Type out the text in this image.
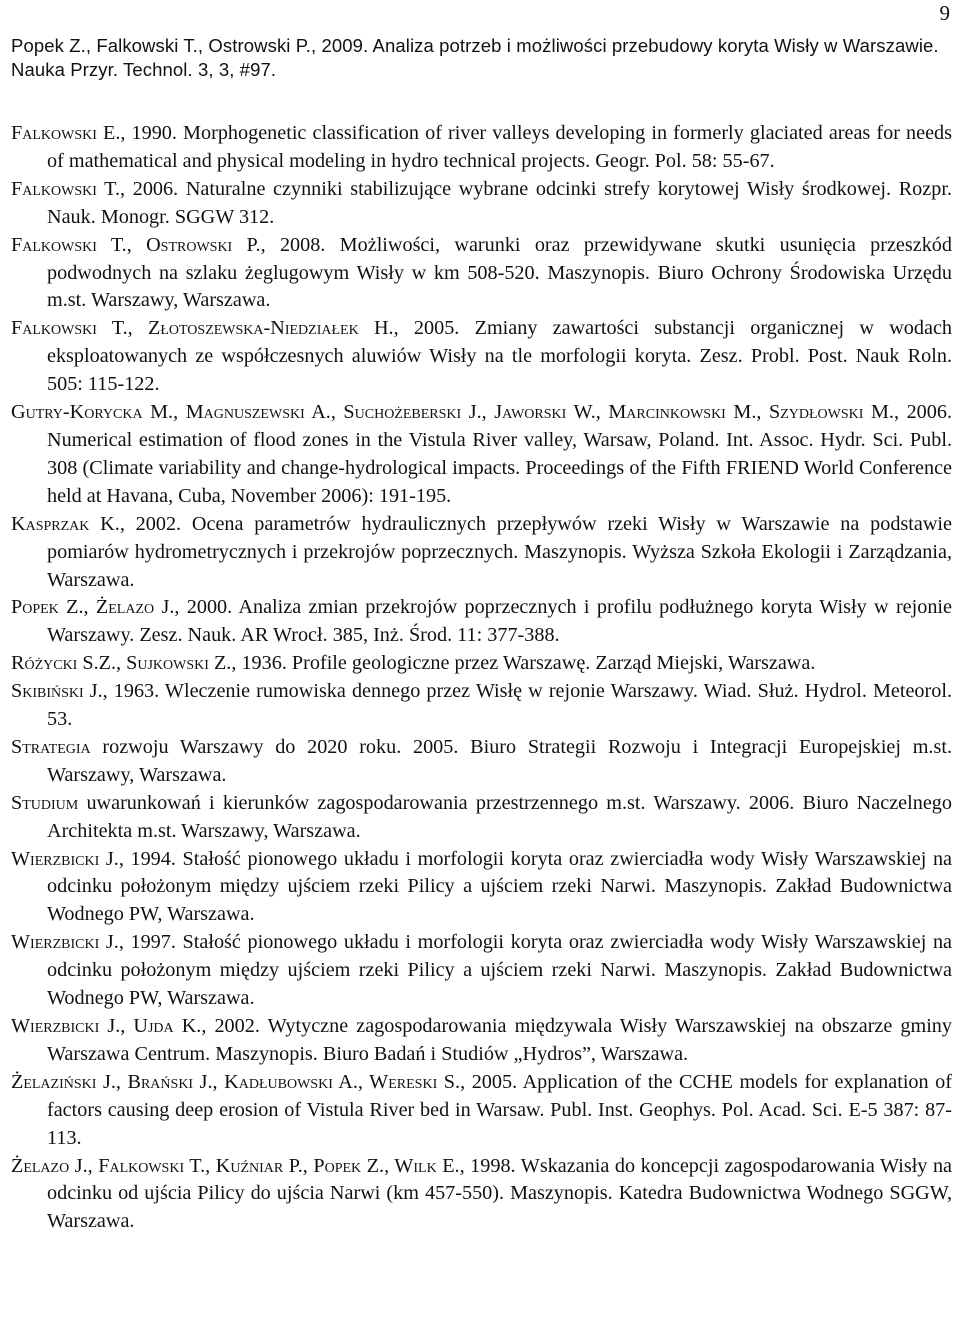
9
Popek Z., Falkowski T., Ostrowski P., 2009. Analiza potrzeb i możliwości przebudowy koryta Wisły w Warszawie.
Nauka Przyr. Technol. 3, 3, #97.

Falkowski E., 1990. Morphogenetic classification of river valleys developing in formerly glaciated areas for needs of mathematical and physical modeling in hydro technical projects. Geogr. Pol. 58: 55-67.

Falkowski T., 2006. Naturalne czynniki stabilizujące wybrane odcinki strefy korytowej Wisły środkowej. Rozpr. Nauk. Monogr. SGGW 312.

Falkowski T., Ostrowski P., 2008. Możliwości, warunki oraz przewidywane skutki usunięcia przeszkód podwodnych na szlaku żeglugowym Wisły w km 508-520. Maszynopis. Biuro Ochrony Środowiska Urzędu m.st. Warszawy, Warszawa.

Falkowski T., Złotoszewska-Niedziałek H., 2005. Zmiany zawartości substancji organicznej w wodach eksploatowanych ze współczesnych aluwiów Wisły na tle morfologii koryta. Zesz. Probl. Post. Nauk Roln. 505: 115-122.

Gutry-Korycka M., Magnuszewski A., Suchożeberski J., Jaworski W., Marcinkowski M., Szydłowski M., 2006. Numerical estimation of flood zones in the Vistula River valley, Warsaw, Poland. Int. Assoc. Hydr. Sci. Publ. 308 (Climate variability and change-hydrological impacts. Proceedings of the Fifth FRIEND World Conference held at Havana, Cuba, November 2006): 191-195.

Kasprzak K., 2002. Ocena parametrów hydraulicznych przepływów rzeki Wisły w Warszawie na podstawie pomiarów hydrometrycznych i przekrojów poprzecznych. Maszynopis. Wyższa Szkoła Ekologii i Zarządzania, Warszawa.

Popek Z., Żelazo J., 2000. Analiza zmian przekrojów poprzecznych i profilu podłużnego koryta Wisły w rejonie Warszawy. Zesz. Nauk. AR Wrocł. 385, Inż. Środ. 11: 377-388.

Różycki S.Z., Sujkowski Z., 1936. Profile geologiczne przez Warszawę. Zarząd Miejski, Warszawa.

Skibiński J., 1963. Wleczenie rumowiska dennego przez Wisłę w rejonie Warszawy. Wiad. Służ. Hydrol. Meteorol. 53.

Strategia rozwoju Warszawy do 2020 roku. 2005. Biuro Strategii Rozwoju i Integracji Europejskiej m.st. Warszawy, Warszawa.

Studium uwarunkowań i kierunków zagospodarowania przestrzennego m.st. Warszawy. 2006. Biuro Naczelnego Architekta m.st. Warszawy, Warszawa.

Wierzbicki J., 1994. Stałość pionowego układu i morfologii koryta oraz zwierciadła wody Wisły Warszawskiej na odcinku położonym między ujściem rzeki Pilicy a ujściem rzeki Narwi. Maszynopis. Zakład Budownictwa Wodnego PW, Warszawa.

Wierzbicki J., 1997. Stałość pionowego układu i morfologii koryta oraz zwierciadła wody Wisły Warszawskiej na odcinku położonym między ujściem rzeki Pilicy a ujściem rzeki Narwi. Maszynopis. Zakład Budownictwa Wodnego PW, Warszawa.

Wierzbicki J., Ujda K., 2002. Wytyczne zagospodarowania międzywala Wisły Warszawskiej na obszarze gminy Warszawa Centrum. Maszynopis. Biuro Badań i Studiów „Hydros”, Warszawa.

Żelaziński J., Brański J., Kadłubowski A., Wereski S., 2005. Application of the CCHE models for explanation of factors causing deep erosion of Vistula River bed in Warsaw. Publ. Inst. Geophys. Pol. Acad. Sci. E-5 387: 87-113.

Żelazo J., Falkowski T., Kuźniar P., Popek Z., Wilk E., 1998. Wskazania do koncepcji zagospodarowania Wisły na odcinku od ujścia Pilicy do ujścia Narwi (km 457-550). Maszynopis. Katedra Budownictwa Wodnego SGGW, Warszawa.
